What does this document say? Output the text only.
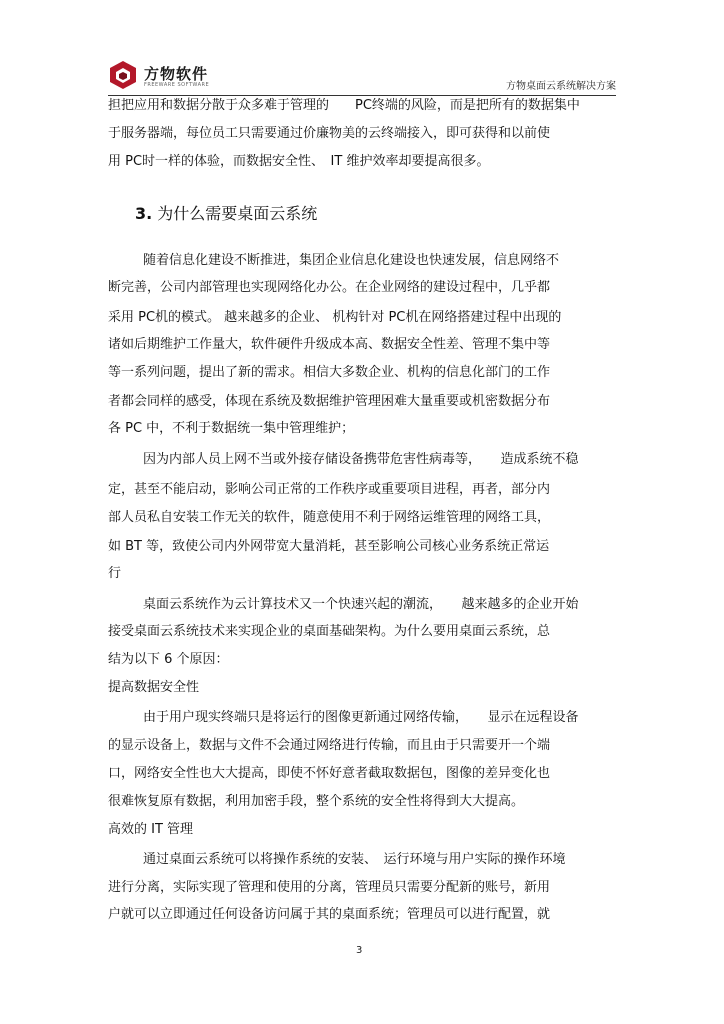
方物软件
FREEWARE SOFTWARE	方物桌面云系统解决方案
担把应用和数据分散于众多难于管理的　　PC终端的风险，而是把所有的数据集中
于服务器端，每位员工只需要通过价廉物美的云终端接入，即可获得和以前使
用 PC时一样的体验，而数据安全性、　IT 维护效率却要提高很多。
3. 为什么需要桌面云系统
随着信息化建设不断推进，集团企业信息化建设也快速发展，信息网络不
断完善，公司内部管理也实现网络化办公。在企业网络的建设过程中，几乎都
采用 PC机的模式。 越来越多的企业、 机构针对 PC机在网络搭建过程中出现的
诸如后期维护工作量大，软件硬件升级成本高、数据安全性差、管理不集中等
等一系列问题，提出了新的需求。相信大多数企业、机构的信息化部门的工作
者都会同样的感受，体现在系统及数据维护管理困难大量重要或机密数据分布
各 PC 中，不利于数据统一集中管理维护；
因为内部人员上网不当或外接存储设备携带危害性病毒等，　　造成系统不稳
定，甚至不能启动，影响公司正常的工作秩序或重要项目进程，再者，部分内
部人员私自安装工作无关的软件，随意使用不利于网络运维管理的网络工具，
如 BT 等，致使公司内外网带宽大量消耗，甚至影响公司核心业务系统正常运
行
桌面云系统作为云计算技术又一个快速兴起的潮流，　　越来越多的企业开始
接受桌面云系统技术来实现企业的桌面基础架构。为什么要用桌面云系统，总
结为以下 6 个原因：
提高数据安全性
由于用户现实终端只是将运行的图像更新通过网络传输，　　显示在远程设备
的显示设备上，数据与文件不会通过网络进行传输，而且由于只需要开一个端
口，网络安全性也大大提高，即使不怀好意者截取数据包，图像的差异变化也
很难恢复原有数据，利用加密手段，整个系统的安全性将得到大大提高。
高效的 IT 管理
通过桌面云系统可以将操作系统的安装、　运行环境与用户实际的操作环境
进行分离，实际实现了管理和使用的分离，管理员只需要分配新的账号，新用
户就可以立即通过任何设备访问属于其的桌面系统；管理员可以进行配置，就
3
